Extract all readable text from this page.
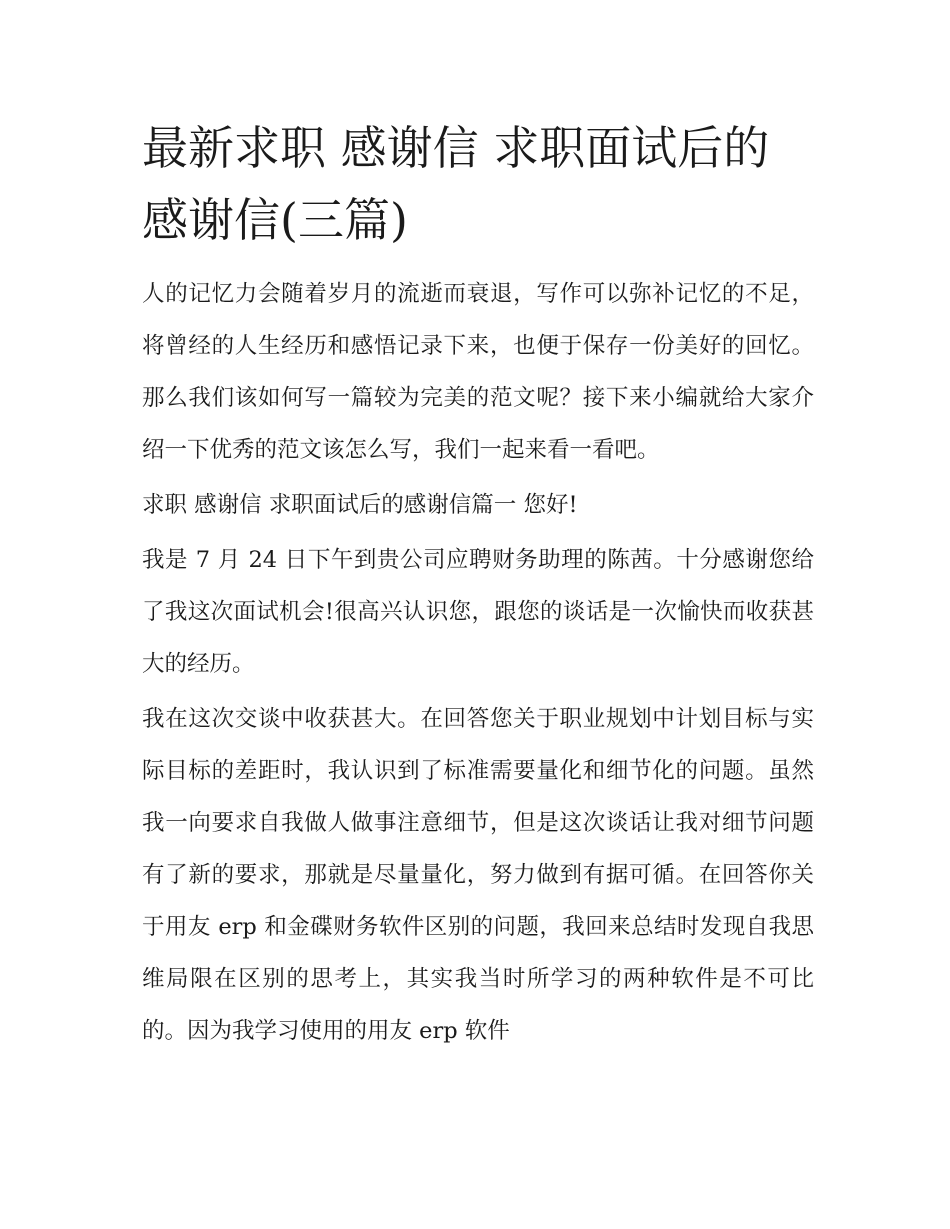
最新求职 感谢信 求职面试后的感谢信(三篇)

人的记忆力会随着岁月的流逝而衰退，写作可以弥补记忆的不足，将曾经的人生经历和感悟记录下来，也便于保存一份美好的回忆。那么我们该如何写一篇较为完美的范文呢？接下来小编就给大家介绍一下优秀的范文该怎么写，我们一起来看一看吧。

求职 感谢信 求职面试后的感谢信篇一 您好!

我是 7 月 24 日下午到贵公司应聘财务助理的陈茜。十分感谢您给了我这次面试机会!很高兴认识您，跟您的谈话是一次愉快而收获甚大的经历。

我在这次交谈中收获甚大。在回答您关于职业规划中计划目标与实际目标的差距时，我认识到了标准需要量化和细节化的问题。虽然我一向要求自我做人做事注意细节，但是这次谈话让我对细节问题有了新的要求，那就是尽量量化，努力做到有据可循。在回答你关于用友 erp 和金碟财务软件区别的问题，我回来总结时发现自我思维局限在区别的思考上，其实我当时所学习的两种软件是不可比的。因为我学习使用的用友 erp 软件
